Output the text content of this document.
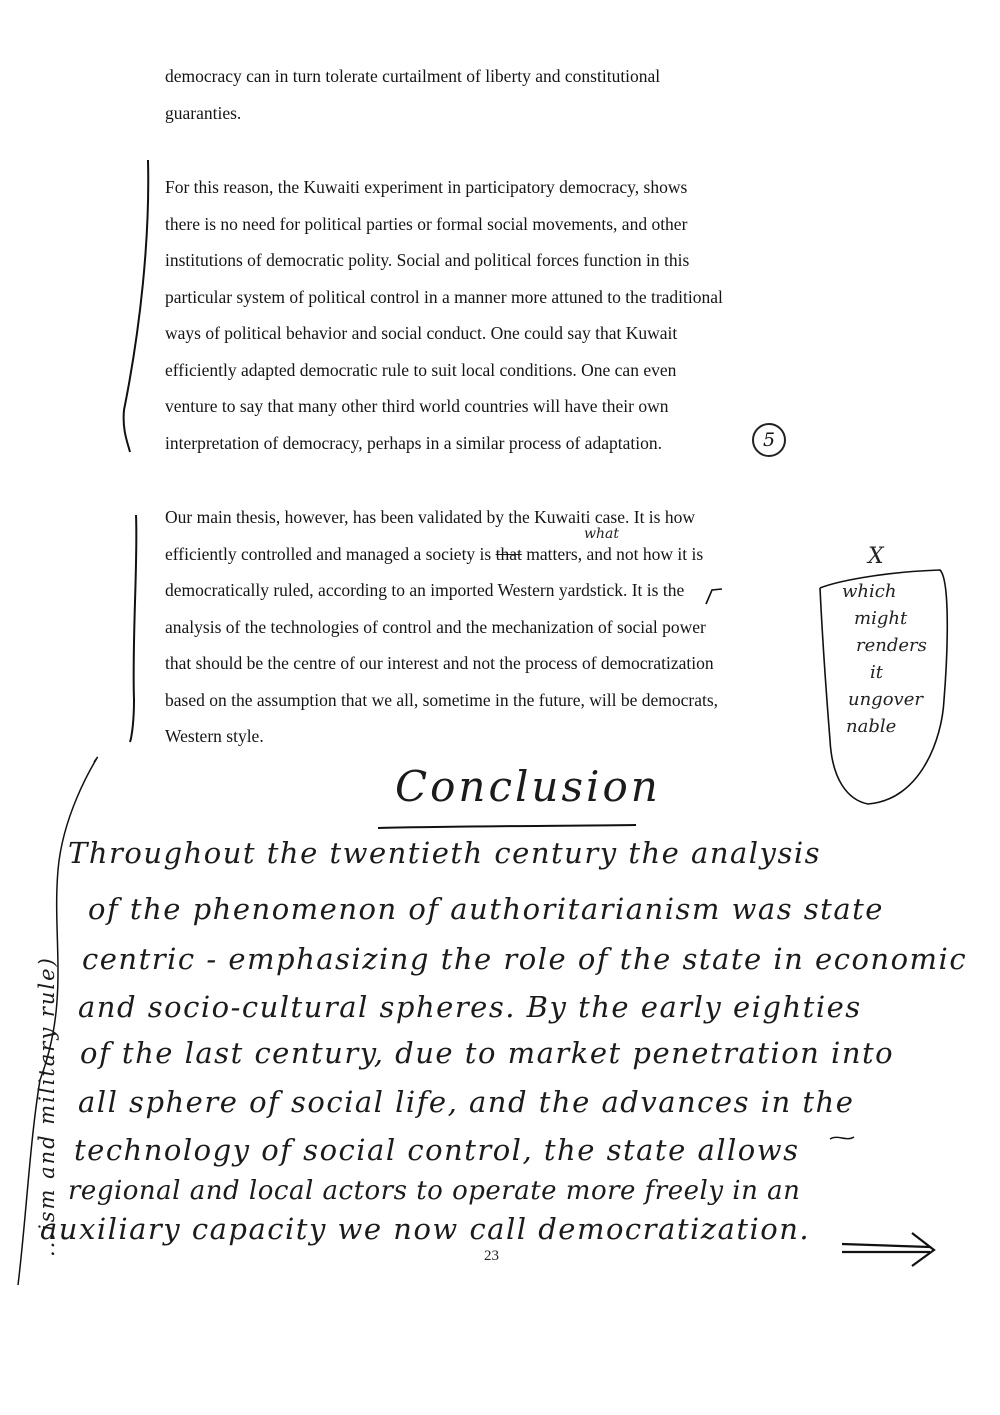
democracy can in turn tolerate curtailment of liberty and constitutional
guaranties.
For this reason, the Kuwaiti experiment in participatory democracy, shows
there is no need for political parties or formal social movements, and other
institutions of democratic polity. Social and political forces function in this
particular system of political control in a manner more attuned to the traditional
ways of political behavior and social conduct. One could say that Kuwait
efficiently adapted democratic rule to suit local conditions. One can even
venture to say that many other third world countries will have their own
interpretation of democracy, perhaps in a similar process of adaptation.	5
Our main thesis, however, has been validated by the Kuwaiti case. It is how
efficiently controlled and managed a society is that matters, and not how it is
democratically ruled, according to an imported Western yardstick. It is the
analysis of the technologies of control and the mechanization of social power
that should be the centre of our interest and not the process of democratization
based on the assumption that we all, sometime in the future, will be democrats,
Western style.
what
X
which
might
renders
it
ungover
nable
Conclusion
Throughout the twentieth century the analysis
of the phenomenon of authoritarianism was state
centric - emphasizing the role of the state in economic
and socio-cultural spheres. By the early eighties
of the last century, due to market penetration into
all sphere of social life, and the advances in the
technology of social control, the state allows
regional and local actors to operate more freely in an
auxiliary capacity we now call democratization.
...ism and military rule)	23
